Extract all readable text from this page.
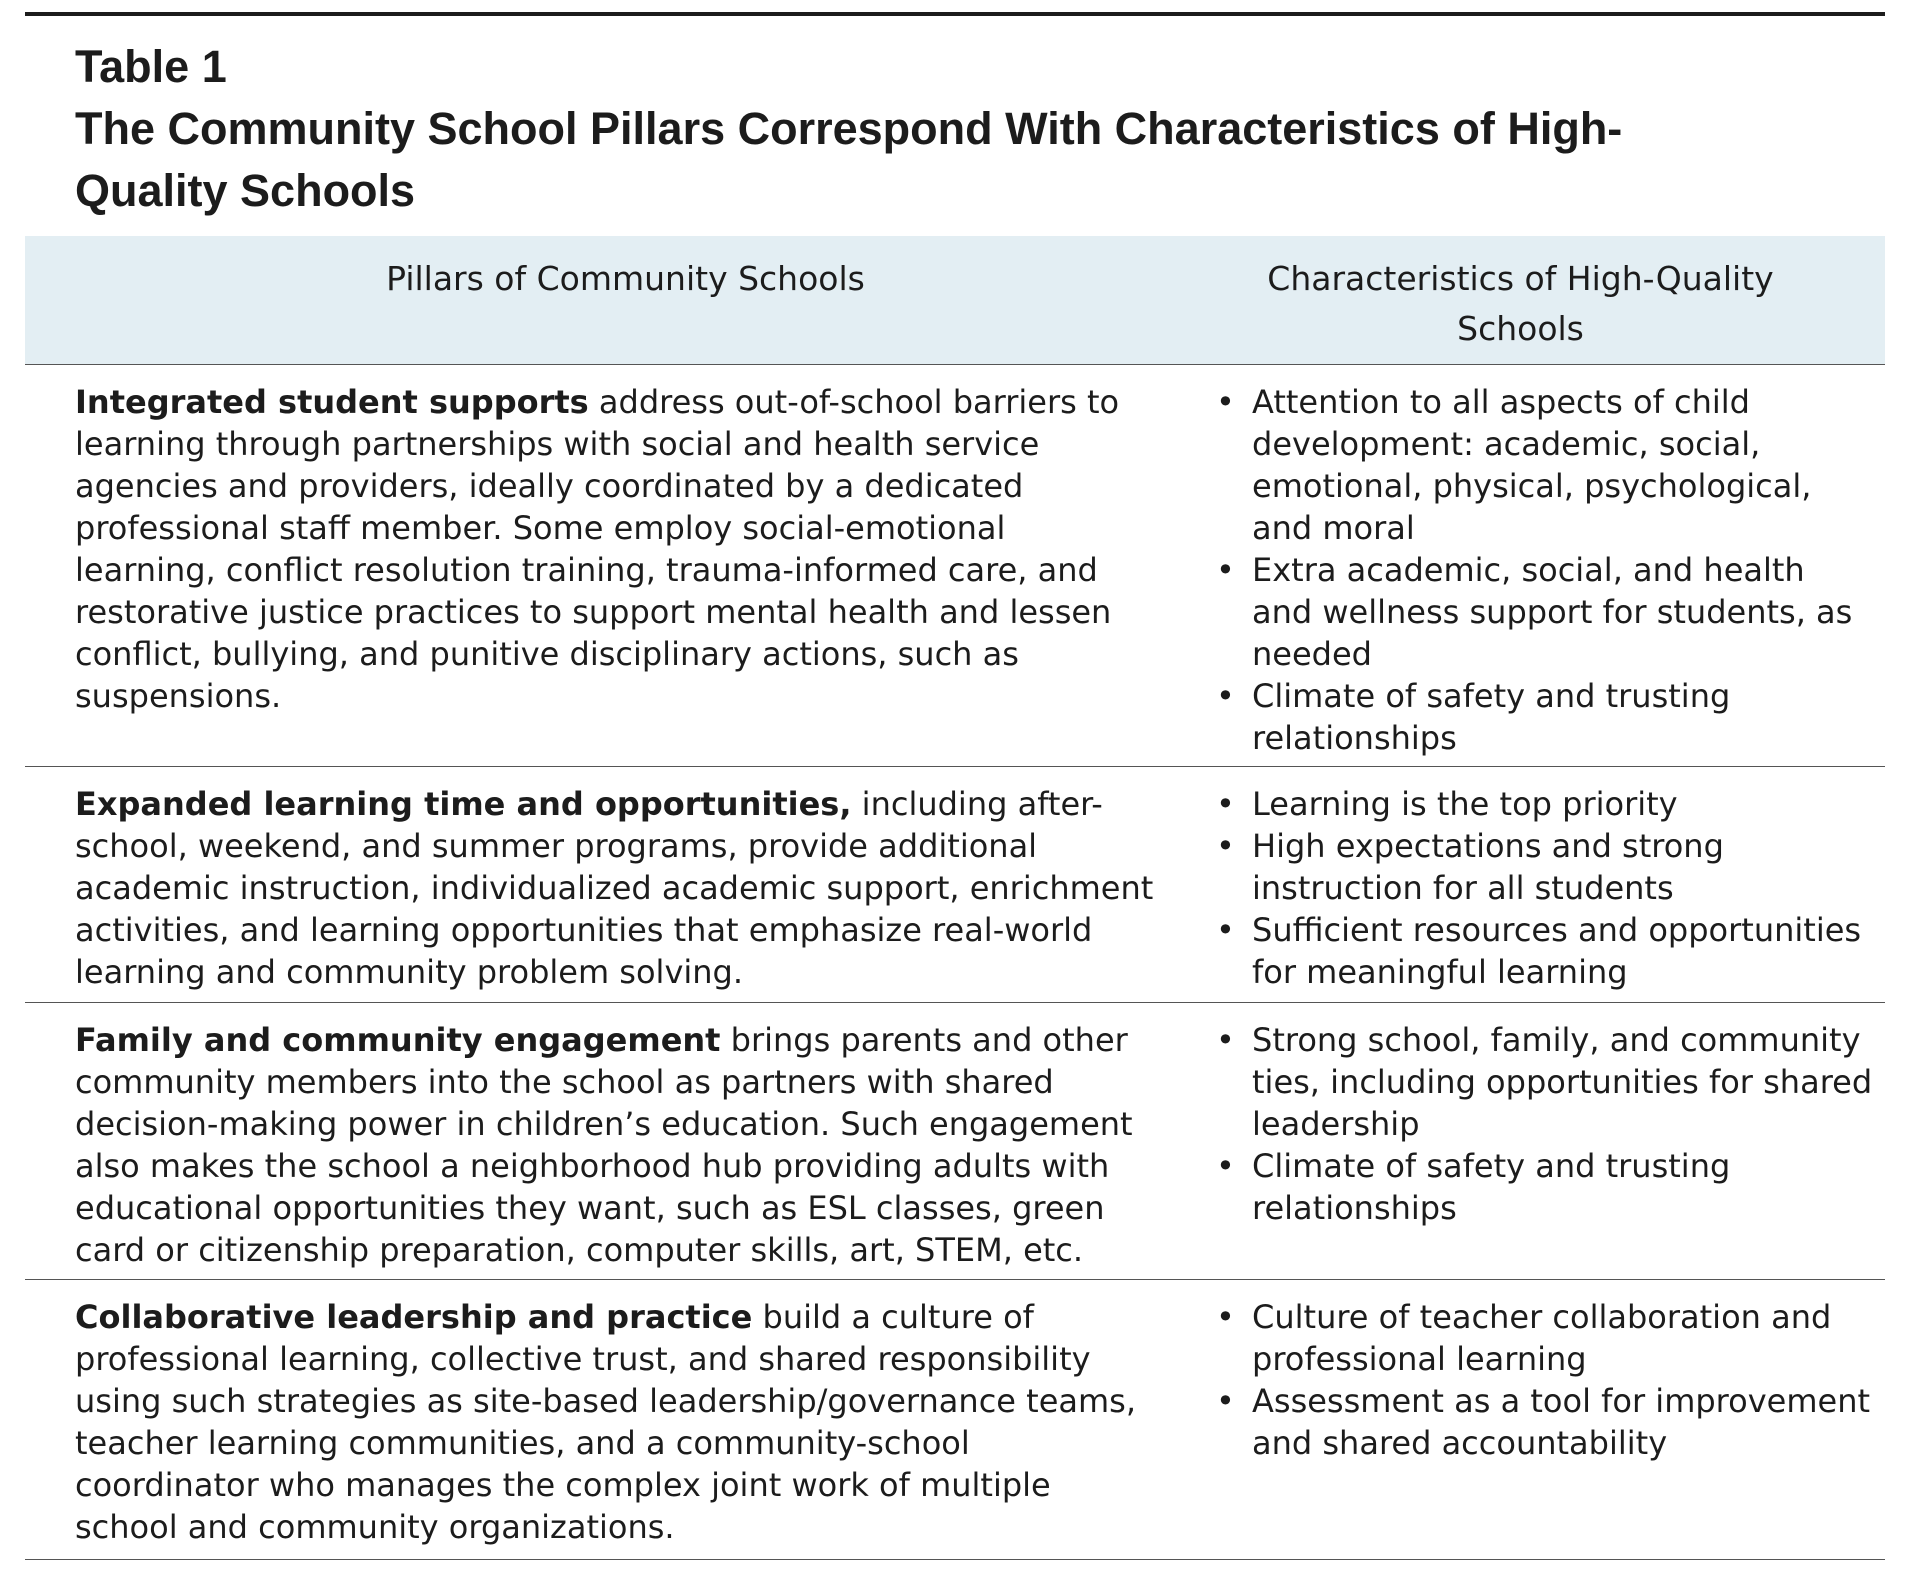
Table 1

The Community School Pillars Correspond With Characteristics of High-Quality Schools

Pillars of Community Schools	Characteristics of High-Quality Schools
Integrated student supports address out-of-school barriers to learning through partnerships with social and health service agencies and providers, ideally coordinated by a dedicated professional staff member. Some employ social-emotional learning, conflict resolution training, trauma-informed care, and restorative justice practices to support mental health and lessen conflict, bullying, and punitive disciplinary actions, such as suspensions.
• Attention to all aspects of child development: academic, social, emotional, physical, psychological, and moral
• Extra academic, social, and health and wellness support for students, as needed
• Climate of safety and trusting relationships
Expanded learning time and opportunities, including after-school, weekend, and summer programs, provide additional academic instruction, individualized academic support, enrichment activities, and learning opportunities that emphasize real-world learning and community problem solving.
• Learning is the top priority
• High expectations and strong instruction for all students
• Sufficient resources and opportunities for meaningful learning
Family and community engagement brings parents and other community members into the school as partners with shared decision-making power in children’s education. Such engagement also makes the school a neighborhood hub providing adults with educational opportunities they want, such as ESL classes, green card or citizenship preparation, computer skills, art, STEM, etc.
• Strong school, family, and community ties, including opportunities for shared leadership
• Climate of safety and trusting relationships
Collaborative leadership and practice build a culture of professional learning, collective trust, and shared responsibility using such strategies as site-based leadership/governance teams, teacher learning communities, and a community-school coordinator who manages the complex joint work of multiple school and community organizations.
• Culture of teacher collaboration and professional learning
• Assessment as a tool for improvement and shared accountability
